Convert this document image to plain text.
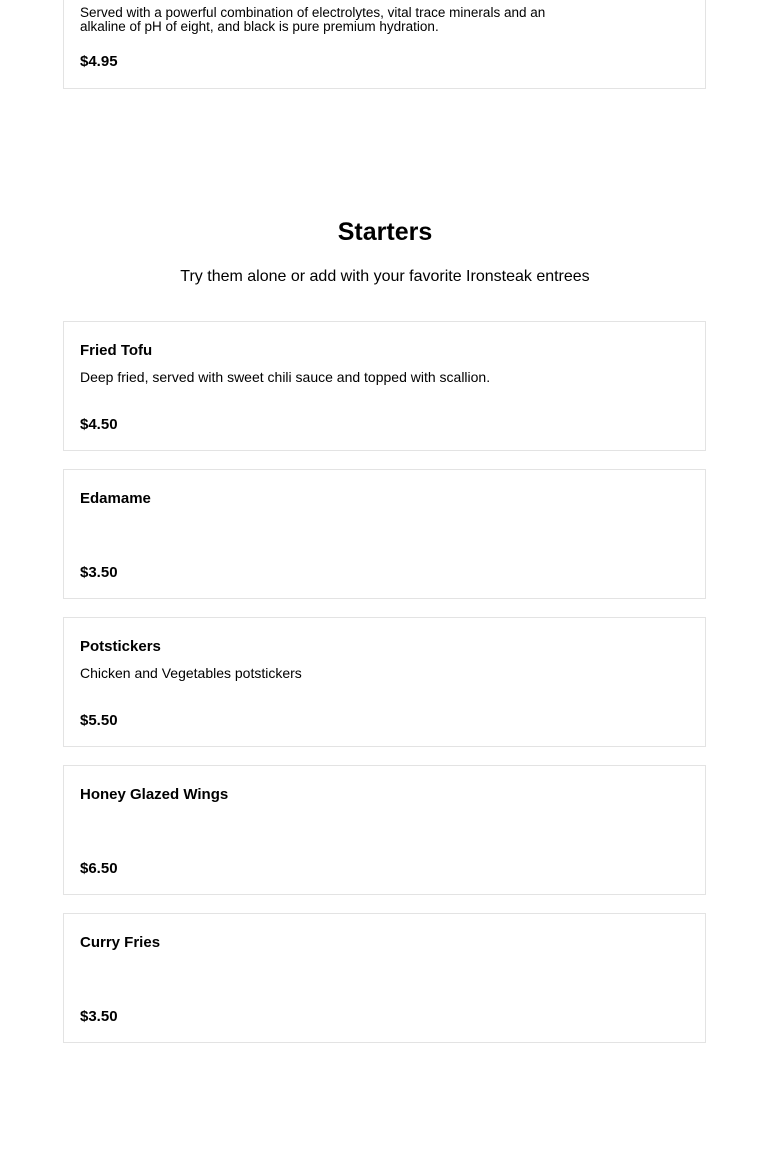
Served with a powerful combination of electrolytes, vital trace minerals and an alkaline of pH of eight, and black is pure premium hydration.

$4.95

Starters

Try them alone or add with your favorite Ironsteak entrees

Fried Tofu

Deep fried, served with sweet chili sauce and topped with scallion.

$4.50

Edamame

$3.50

Potstickers

Chicken and Vegetables potstickers

$5.50

Honey Glazed Wings

$6.50

Curry Fries

$3.50
